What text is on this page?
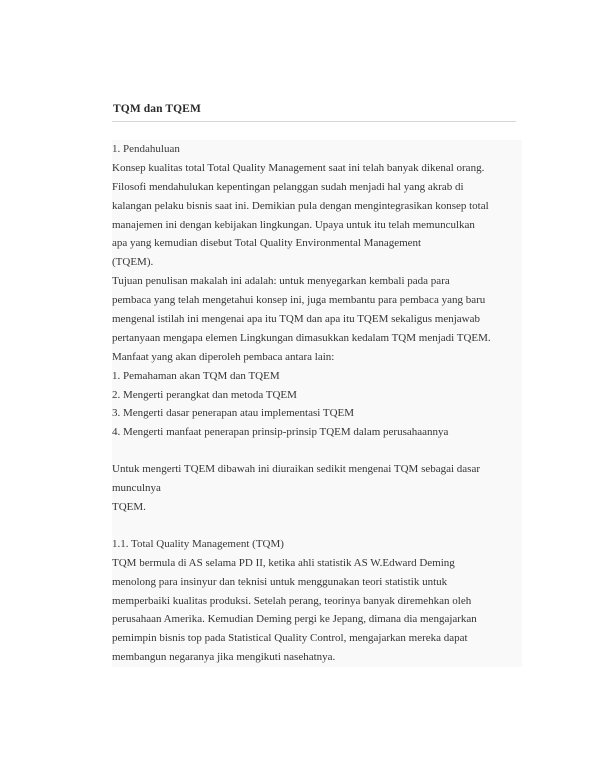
TQM dan TQEM
1. Pendahuluan
Konsep kualitas total Total Quality Management saat ini telah banyak dikenal orang.
Filosofi mendahulukan kepentingan pelanggan sudah menjadi hal yang akrab di
kalangan pelaku bisnis saat ini. Demikian pula dengan mengintegrasikan konsep total
manajemen ini dengan kebijakan lingkungan. Upaya untuk itu telah memunculkan
apa yang kemudian disebut Total Quality Environmental Management
(TQEM).
Tujuan penulisan makalah ini adalah: untuk menyegarkan kembali pada para
pembaca yang telah mengetahui konsep ini, juga membantu para pembaca yang baru
mengenal istilah ini mengenai apa itu TQM dan apa itu TQEM sekaligus menjawab
pertanyaan mengapa elemen Lingkungan dimasukkan kedalam TQM menjadi TQEM.
Manfaat yang akan diperoleh pembaca antara lain:
1. Pemahaman akan TQM dan TQEM
2. Mengerti perangkat dan metoda TQEM
3. Mengerti dasar penerapan atau implementasi TQEM
4. Mengerti manfaat penerapan prinsip-prinsip TQEM dalam perusahaannya
Untuk mengerti TQEM dibawah ini diuraikan sedikit mengenai TQM sebagai dasar
munculnya
TQEM.
1.1. Total Quality Management (TQM)
TQM bermula di AS selama PD II, ketika ahli statistik AS W.Edward Deming
menolong para insinyur dan teknisi untuk menggunakan teori statistik untuk
memperbaiki kualitas produksi. Setelah perang, teorinya banyak diremehkan oleh
perusahaan Amerika. Kemudian Deming pergi ke Jepang, dimana dia mengajarkan
pemimpin bisnis top pada Statistical Quality Control, mengajarkan mereka dapat
membangun negaranya jika mengikuti nasehatnya.
